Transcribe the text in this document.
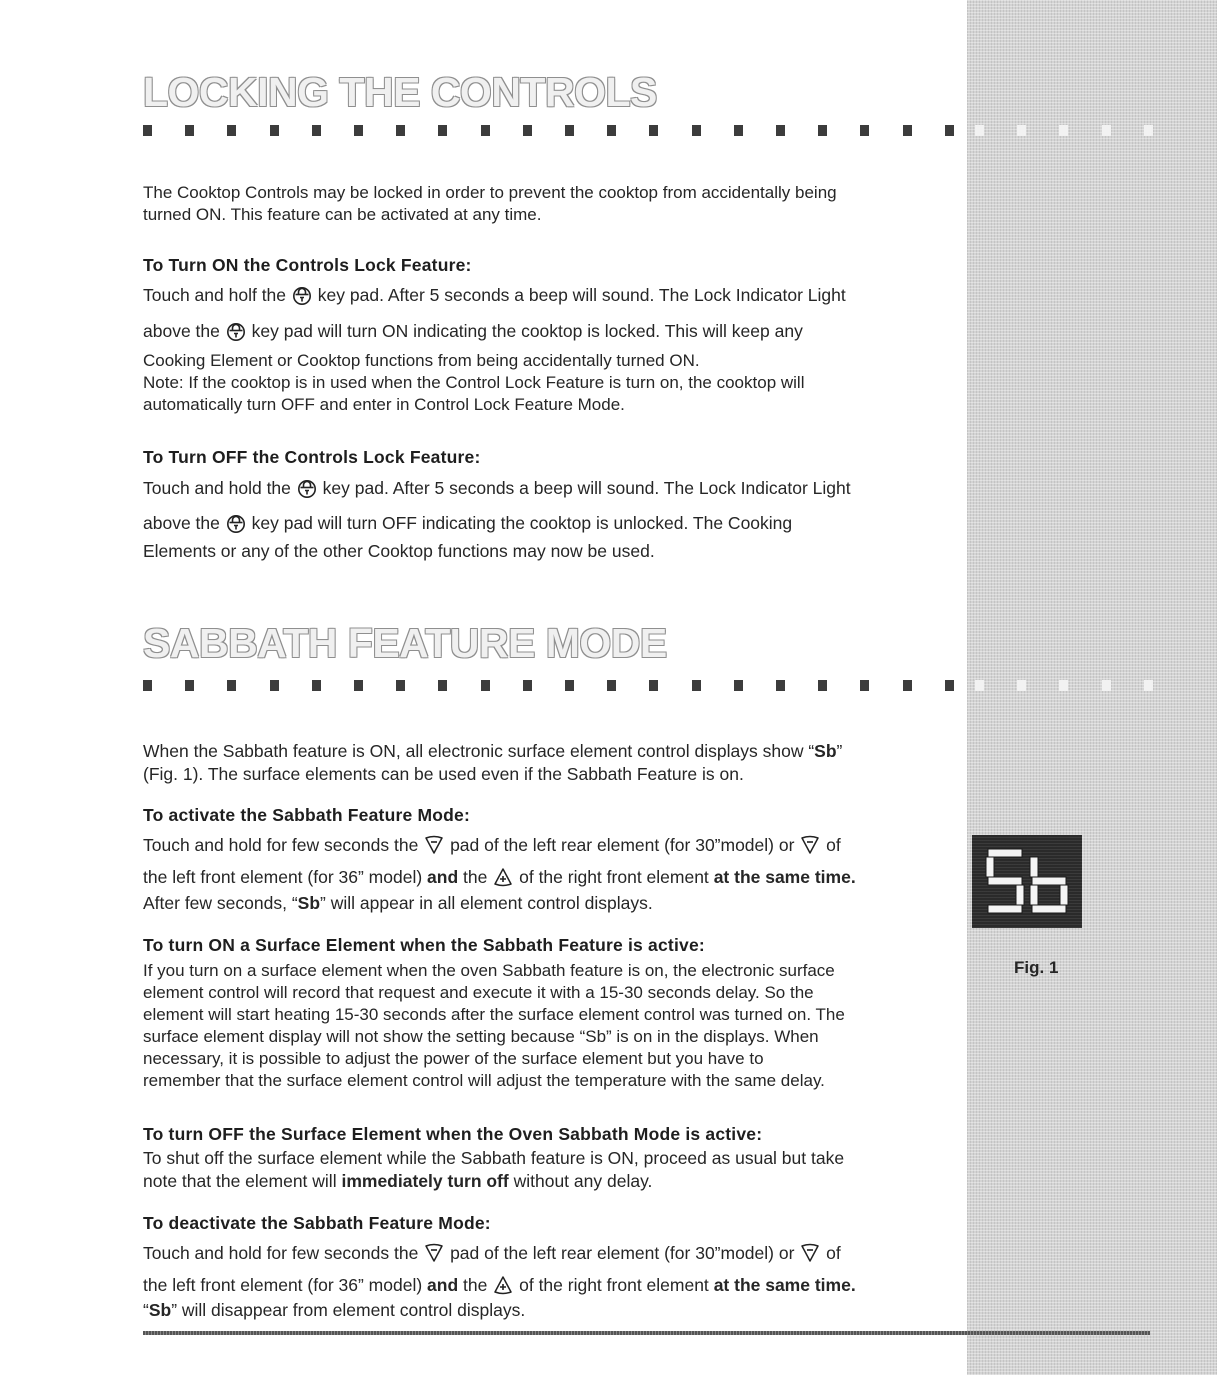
LOCKING THE CONTROLS

The Cooktop Controls may be locked in order to prevent the cooktop from accidentally being

turned ON. This feature can be activated at any time.

To Turn ON the Controls Lock Feature:
Touch and holf the key pad. After 5 seconds a beep will sound. The Lock Indicator Light
above the key pad will turn ON indicating the cooktop is locked. This will keep any

Cooking Element or Cooktop functions from being accidentally turned ON.

Note: If the cooktop is in used when the Control Lock Feature is turn on, the cooktop will

automatically turn OFF and enter in Control Lock Feature Mode.

To Turn OFF the Controls Lock Feature:
Touch and hold the key pad. After 5 seconds a beep will sound. The Lock Indicator Light
above the key pad will turn OFF indicating the cooktop is unlocked. The Cooking
Elements or any of the other Cooktop functions may now be used.
SABBATH FEATURE MODE
When the Sabbath feature is ON, all electronic surface element control displays show “Sb”
(Fig. 1). The surface elements can be used even if the Sabbath Feature is on.
To activate the Sabbath Feature Mode:
Touch and hold for few seconds the pad of the left rear element (for 30”model) or of
the left front element (for 36” model) and the of the right front element at the same time.
After few seconds, “Sb” will appear in all element control displays.
To turn ON a Surface Element when the Sabbath Feature is active:

If you turn on a surface element when the oven Sabbath feature is on, the electronic surface

element control will record that request and execute it with a 15-30 seconds delay. So the

element will start heating 15-30 seconds after the surface element control was turned on. The

surface element display will not show the setting because “Sb” is on in the displays. When

necessary, it is possible to adjust the power of the surface element but you have to

remember that the surface element control will adjust the temperature with the same delay.

To turn OFF the Surface Element when the Oven Sabbath Mode is active:
To shut off the surface element while the Sabbath feature is ON, proceed as usual but take
note that the element will immediately turn off without any delay.
To deactivate the Sabbath Feature Mode:
Touch and hold for few seconds the pad of the left rear element (for 30”model) or of
the left front element (for 36” model) and the of the right front element at the same time.
“Sb” will disappear from element control displays.
Fig. 1
